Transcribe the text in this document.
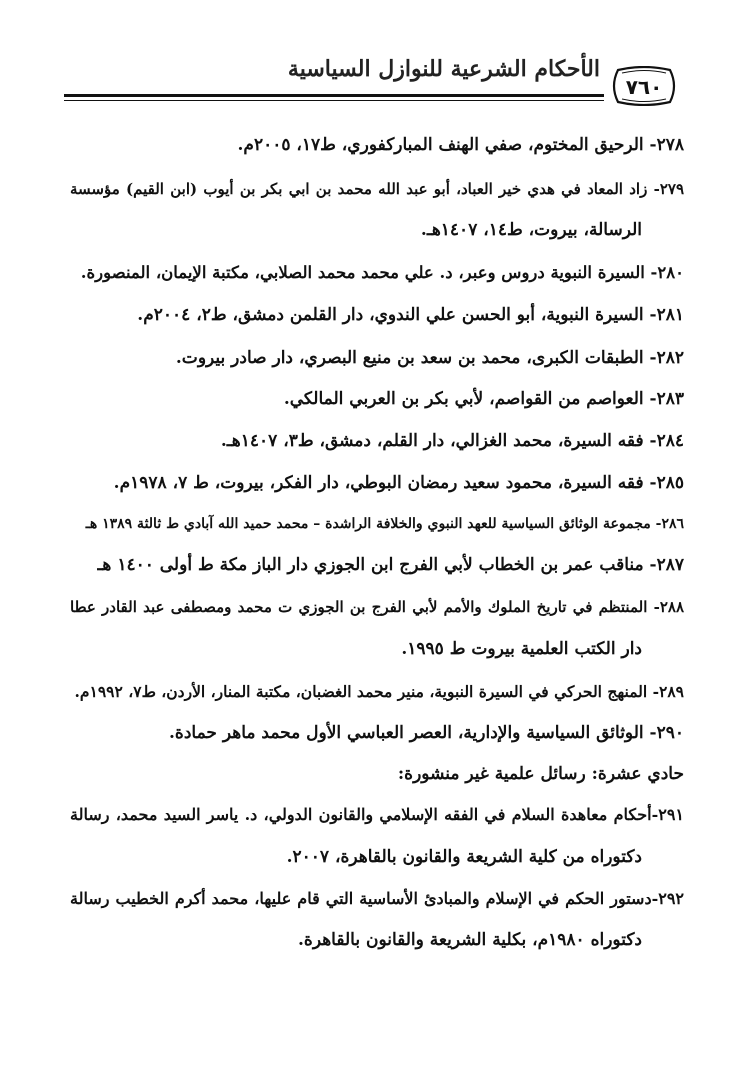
الأحكام الشرعية للنوازل السياسية
٧٦٠
٢٧٨- الرحيق المختوم، صفي الهنف المباركفوري، ط١٧، ٢٠٠٥م.
٢٧٩- زاد المعاد في هدي خير العباد، أبو عبد الله محمد بن ابي بكر بن أيوب (ابن القيم) مؤسسة
الرسالة، بيروت، ط١٤، ١٤٠٧هـ.
٢٨٠- السيرة النبوية دروس وعبر، د. علي محمد محمد الصلابي، مكتبة الإيمان، المنصورة.
٢٨١- السيرة النبوية، أبو الحسن علي الندوي، دار القلمن دمشق، ط٢، ٢٠٠٤م.
٢٨٢- الطبقات الكبرى، محمد بن سعد بن منيع البصري، دار صادر بيروت.
٢٨٣- العواصم من القواصم، لأبي بكر بن العربي المالكي.
٢٨٤- فقه السيرة، محمد الغزالي، دار القلم، دمشق، ط٣، ١٤٠٧هـ.
٢٨٥- فقه السيرة، محمود سعيد رمضان البوطي، دار الفكر، بيروت، ط ٧، ١٩٧٨م.
٢٨٦- مجموعة الوثائق السياسية للعهد النبوي والخلافة الراشدة – محمد حميد الله آبادي ط ثالثة ١٣٨٩ هـ
٢٨٧- مناقب عمر بن الخطاب لأبي الفرج ابن الجوزي دار الباز مكة ط أولى ١٤٠٠ هـ
٢٨٨- المنتظم في تاريخ الملوك والأمم لأبي الفرج بن الجوزي ت محمد ومصطفى عبد القادر عطا
دار الكتب العلمية بيروت ط ١٩٩٥.
٢٨٩- المنهج الحركي في السيرة النبوية، منير محمد الغضبان، مكتبة المنار، الأردن، ط٧، ١٩٩٢م.
٢٩٠- الوثائق السياسية والإدارية، العصر العباسي الأول محمد ماهر حمادة.
حادي عشرة: رسائل علمية غير منشورة:
٢٩١-أحكام معاهدة السلام في الفقه الإسلامي والقانون الدولي، د. ياسر السيد محمد، رسالة
دكتوراه من كلية الشريعة والقانون بالقاهرة، ٢٠٠٧.
٢٩٢-دستور الحكم في الإسلام والمبادئ الأساسية التي قام عليها، محمد أكرم الخطيب رسالة
دكتوراه ١٩٨٠م، بكلية الشريعة والقانون بالقاهرة.
